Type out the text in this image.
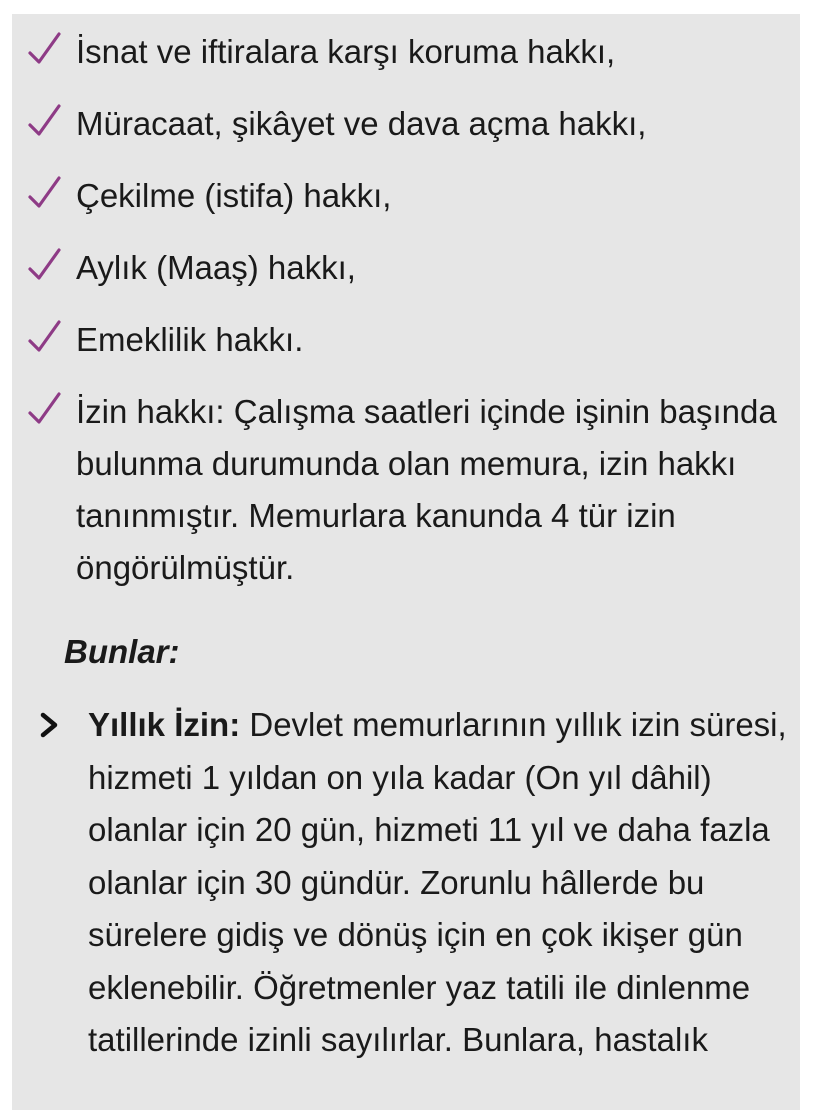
İsnat ve iftiralara karşı koruma hakkı,
Müracaat, şikâyet ve dava açma hakkı,
Çekilme (istifa) hakkı,
Aylık (Maaş) hakkı,
Emeklilik hakkı.
İzin hakkı: Çalışma saatleri içinde işinin başında bulunma durumunda olan memura, izin hakkı tanınmıştır. Memurlara kanunda 4 tür izin öngörülmüştür.
Bunlar:
Yıllık İzin: Devlet memurlarının yıllık izin süresi, hizmeti 1 yıldan on yıla kadar (On yıl dâhil) olanlar için 20 gün, hizmeti 11 yıl ve daha fazla olanlar için 30 gündür. Zorunlu hâllerde bu sürelere gidiş ve dönüş için en çok ikişer gün eklenebilir. Öğretmenler yaz tatili ile dinlenme tatillerinde izinli sayılırlar. Bunlara, hastalık
